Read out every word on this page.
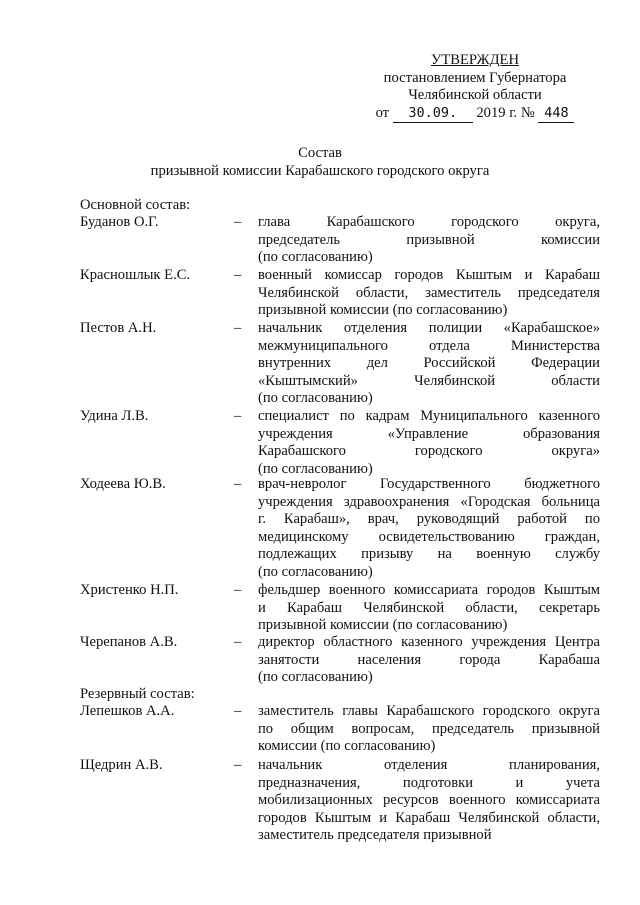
УТВЕРЖДЕН
постановлением Губернатора
Челябинской области
от 30.09. 2019 г. № 448
Состав
призывной комиссии Карабашского городского округа
Основной состав:
Буданов О.Г.	– глава Карабашского городского округа,
председатель призывной комиссии
(по согласованию)
Красношлык Е.С.	– военный комиссар городов Кыштым и Карабаш
Челябинской области, заместитель председателя
призывной комиссии (по согласованию)
Пестов А.Н.	– начальник отделения полиции «Карабашское»
межмуниципального отдела Министерства
внутренних дел Российской Федерации
«Кыштымский» Челябинской области
(по согласованию)
Удина Л.В.	– специалист по кадрам Муниципального казенного
учреждения «Управление образования
Карабашского городского округа»
(по согласованию)
Ходеева Ю.В.	– врач-невролог Государственного бюджетного
учреждения здравоохранения «Городская больница
г. Карабаш», врач, руководящий работой по
медицинскому освидетельствованию граждан,
подлежащих призыву на военную службу
(по согласованию)
Христенко Н.П.	– фельдшер военного комиссариата городов Кыштым
и Карабаш Челябинской области, секретарь
призывной комиссии (по согласованию)
Черепанов А.В.	– директор областного казенного учреждения Центра
занятости населения города Карабаша
(по согласованию)
Резервный состав:
Лепешков А.А.	– заместитель главы Карабашского городского округа
по общим вопросам, председатель призывной
комиссии (по согласованию)
Щедрин А.В.	– начальник отделения планирования,
предназначения, подготовки и учета
мобилизационных ресурсов военного комиссариата
городов Кыштым и Карабаш Челябинской области,
заместитель председателя призывной
